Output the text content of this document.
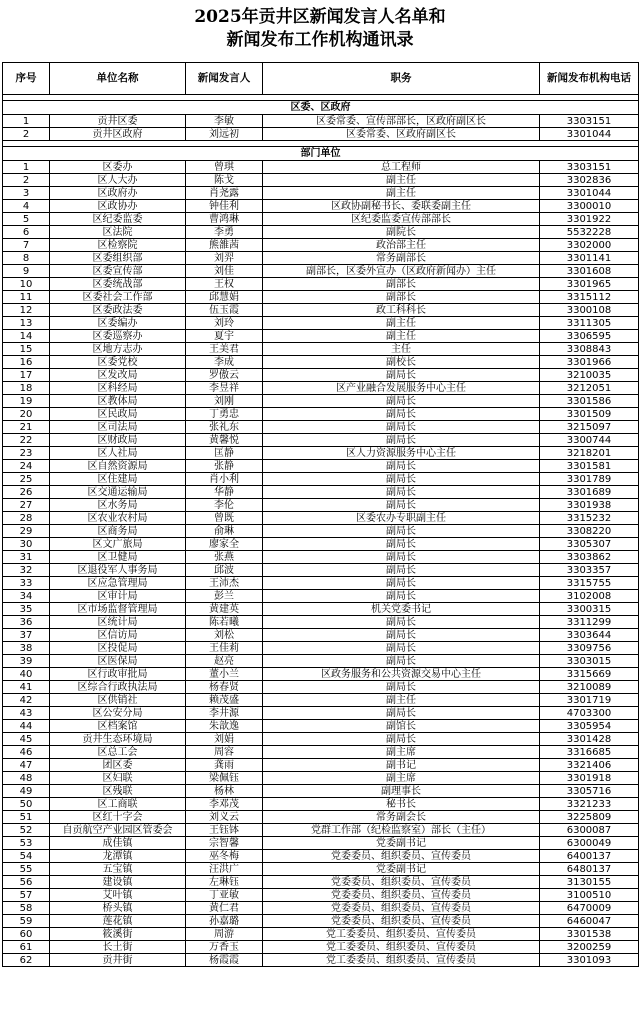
2025年贡井区新闻发言人名单和
新闻发布工作机构通讯录
序号	单位名称	新闻发言人	职务	新闻发布机构电话

区委、区政府				
1	贡井区委	李敏	区委常委、宣传部部长，区政府副区长	3303151
2	贡井区政府	刘远初	区委常委、区政府副区长	3301044

部门单位				
1	区委办	曾琪	总工程师	3303151
2	区人大办	陈戈	副主任	3302836
3	区政府办	肖尧露	副主任	3301044
4	区政协办	钟佳利	区政协副秘书长、委联委副主任	3300010
5	区纪委监委	曹鸿琳	区纪委监委宣传部部长	3301922
6	区法院	李勇	副院长	5532228
7	区检察院	熊雒茜	政治部主任	3302000
8	区委组织部	刘羿	常务副部长	3301141
9	区委宣传部	刘佳	副部长，区委外宣办（区政府新闻办）主任	3301608
10	区委统战部	王权	副部长	3301965
11	区委社会工作部	邱慧娟	副部长	3315112
12	区委政法委	伍玉霞	政工科科长	3300108
13	区委编办	刘玲	副主任	3311305
14	区委巡察办	夏宇	副主任	3306595
15	区地方志办	王美君	主任	3308843
16	区委党校	李成	副校长	3301966
17	区发改局	罗傲云	副局长	3210035
18	区科经局	李昱祥	区产业融合发展服务中心主任	3212051
19	区教体局	刘刚	副局长	3301586
20	区民政局	丁勇忠	副局长	3301509
21	区司法局	张礼东	副局长	3215097
22	区财政局	黄馨悦	副局长	3300744
23	区人社局	匡静	区人力资源服务中心主任	3218201
24	区自然资源局	张静	副局长	3301581
25	区住建局	肖小利	副局长	3301789
26	区交通运输局	华静	副局长	3301689
27	区水务局	李伦	副局长	3301938
28	区农业农村局	曾既	区委农办专职副主任	3315232
29	区商务局	俞琳	副局长	3308220
30	区文广旅局	廖家全	副局长	3305307
31	区卫健局	张燕	副局长	3303862
32	区退役军人事务局	邱波	副局长	3303357
33	区应急管理局	王沛杰	副局长	3315755
34	区审计局	彭兰	副局长	3102008
35	区市场监督管理局	黄建英	机关党委书记	3300315
36	区统计局	陈若曦	副局长	3311299
37	区信访局	刘松	副局长	3303644
38	区投促局	王佳莉	副局长	3309756
39	区医保局	赵亮	副局长	3303015
40	区行政审批局	董小兰	区政务服务和公共资源交易中心主任	3315669
41	区综合行政执法局	杨春贤	副局长	3210089
42	区供销社	赖茂盛	副主任	3301719
43	区公安分局	李井源	副局长	4703300
44	区档案馆	朱歆逸	副馆长	3305954
45	贡井生态环境局	刘娟	副局长	3301428
46	区总工会	周容	副主席	3316685
47	团区委	龚雨	副书记	3321406
48	区妇联	梁佩钰	副主席	3301918
49	区残联	杨林	副理事长	3305716
50	区工商联	李邓茂	秘书长	3321233
51	区红十字会	刘义云	常务副会长	3225809
52	自贡航空产业园区管委会	王钰钵	党群工作部（纪检监察室）部长（主任）	6300087
53	成佳镇	宗智馨	党委副书记	6300049
54	龙潭镇	巫冬梅	党委委员、组织委员、宣传委员	6400137
55	五宝镇	汪洪广	党委副书记	6480137
56	建设镇	左琳钰	党委委员、组织委员、宣传委员	3130155
57	艾叶镇	丁亚敏	党委委员、组织委员、宣传委员	3100510
58	桥头镇	黄仁君	党委委员、组织委员、宣传委员	6470009
59	莲花镇	孙嘉璐	党委委员、组织委员、宣传委员	6460047
60	筱溪街	周游	党工委委员、组织委员、宣传委员	3301538
61	长土街	万香玉	党工委委员、组织委员、宣传委员	3200259
62	贡井街	杨霞霞	党工委委员、组织委员、宣传委员	3301093
